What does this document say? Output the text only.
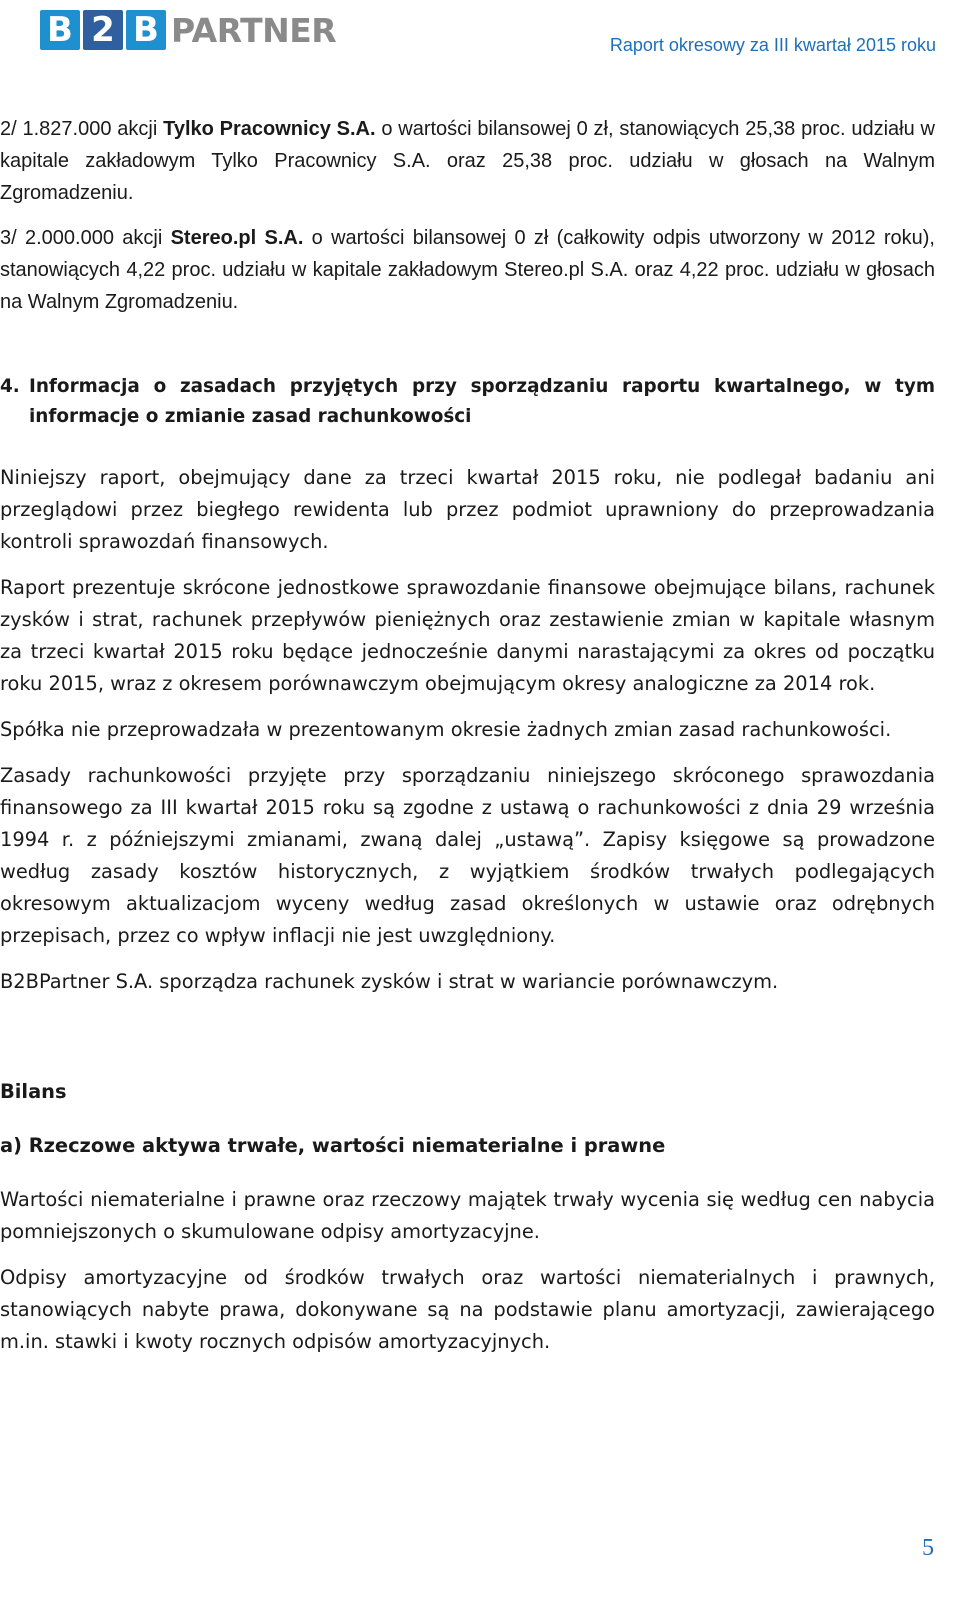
B 2 B PARTNER	Raport okresowy za III kwartał 2015 roku

2/ 1.827.000 akcji Tylko Pracownicy S.A. o wartości bilansowej 0 zł, stanowiących 25,38 proc. udziału w kapitale zakładowym Tylko Pracownicy S.A. oraz 25,38 proc. udziału w głosach na Walnym Zgromadzeniu.

3/ 2.000.000 akcji Stereo.pl S.A. o wartości bilansowej 0 zł (całkowity odpis utworzony w 2012 roku), stanowiących 4,22 proc. udziału w kapitale zakładowym Stereo.pl S.A. oraz 4,22 proc. udziału w głosach na Walnym Zgromadzeniu.

4. Informacja o zasadach przyjętych przy sporządzaniu raportu kwartalnego, w tym informacje o zmianie zasad rachunkowości

Niniejszy raport, obejmujący dane za trzeci kwartał 2015 roku, nie podlegał badaniu ani przeglądowi przez biegłego rewidenta lub przez podmiot uprawniony do przeprowadzania kontroli sprawozdań finansowych.

Raport prezentuje skrócone jednostkowe sprawozdanie finansowe obejmujące bilans, rachunek zysków i strat, rachunek przepływów pieniężnych oraz zestawienie zmian w kapitale własnym za trzeci kwartał 2015 roku będące jednocześnie danymi narastającymi za okres od początku roku 2015, wraz z okresem porównawczym obejmującym okresy analogiczne za 2014 rok.

Spółka nie przeprowadzała w prezentowanym okresie żadnych zmian zasad rachunkowości.

Zasady rachunkowości przyjęte przy sporządzaniu niniejszego skróconego sprawozdania finansowego za III kwartał 2015 roku są zgodne z ustawą o rachunkowości z dnia 29 września 1994 r. z późniejszymi zmianami, zwaną dalej „ustawą”. Zapisy księgowe są prowadzone według zasady kosztów historycznych, z wyjątkiem środków trwałych podlegających okresowym aktualizacjom wyceny według zasad określonych w ustawie oraz odrębnych przepisach, przez co wpływ inflacji nie jest uwzględniony.

B2BPartner S.A. sporządza rachunek zysków i strat w wariancie porównawczym.

Bilans
a) Rzeczowe aktywa trwałe, wartości niematerialne i prawne

Wartości niematerialne i prawne oraz rzeczowy majątek trwały wycenia się według cen nabycia pomniejszonych o skumulowane odpisy amortyzacyjne.

Odpisy amortyzacyjne od środków trwałych oraz wartości niematerialnych i prawnych, stanowiących nabyte prawa, dokonywane są na podstawie planu amortyzacji, zawierającego m.in. stawki i kwoty rocznych odpisów amortyzacyjnych.

5
